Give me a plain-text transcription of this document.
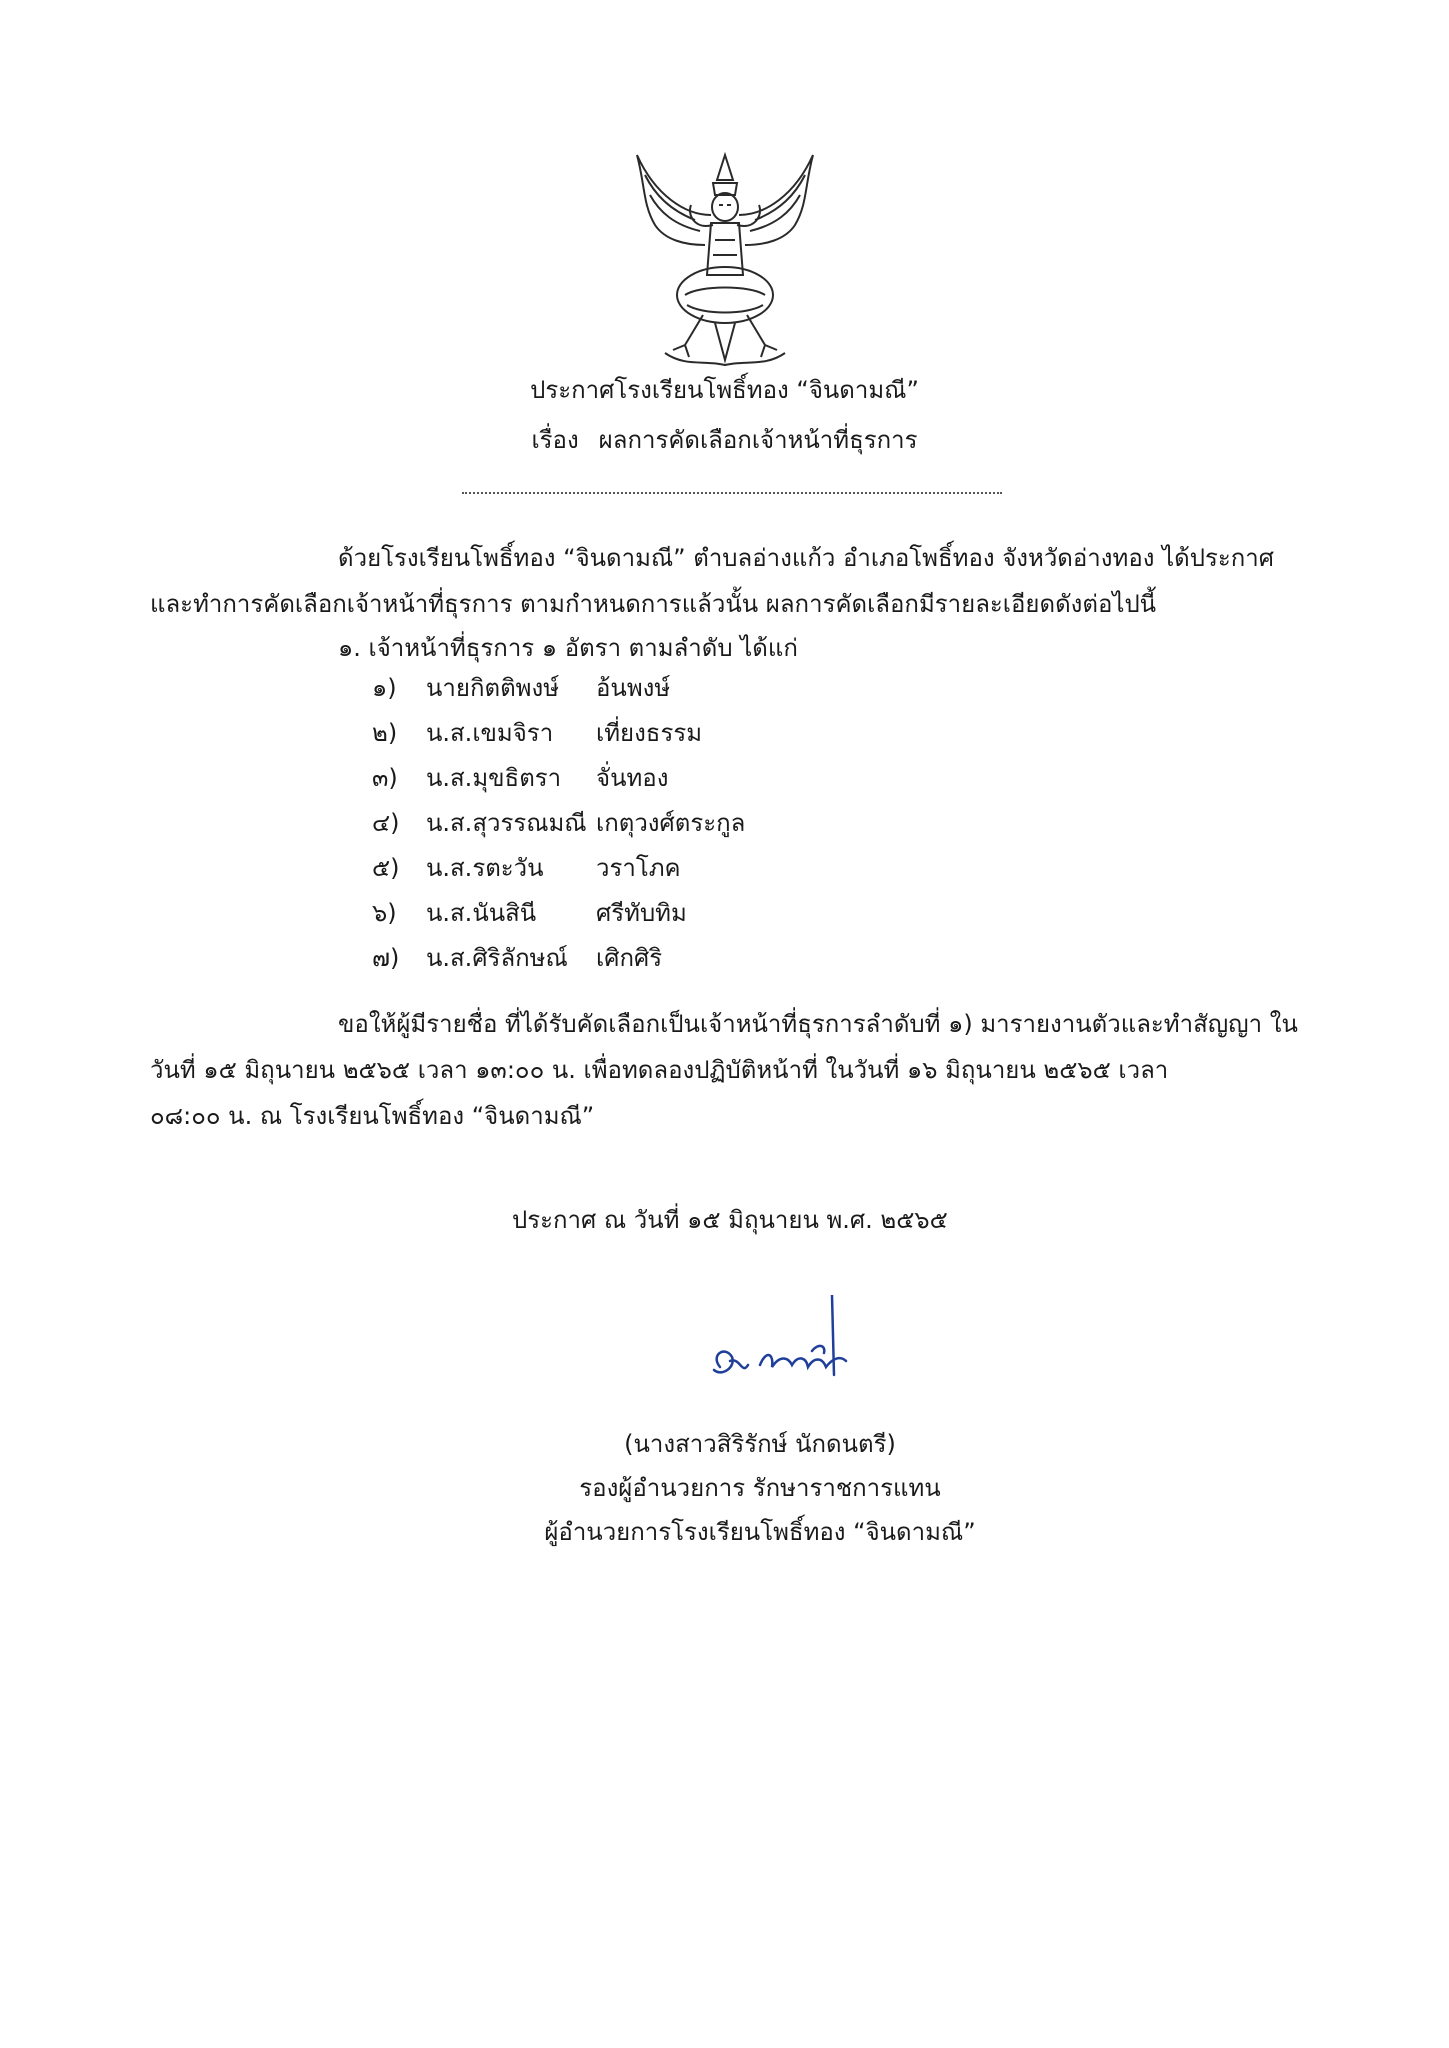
ประกาศโรงเรียนโพธิ์ทอง “จินดามณี”
เรื่อง ผลการคัดเลือกเจ้าหน้าที่ธุรการ
ด้วยโรงเรียนโพธิ์ทอง “จินดามณี” ตำบลอ่างแก้ว อำเภอโพธิ์ทอง จังหวัดอ่างทอง ได้ประกาศ
และทำการคัดเลือกเจ้าหน้าที่ธุรการ ตามกำหนดการแล้วนั้น ผลการคัดเลือกมีรายละเอียดดังต่อไปนี้
๑. เจ้าหน้าที่ธุรการ ๑ อัตรา ตามลำดับ ได้แก่
๑) นายกิตติพงษ์ อ้นพงษ์
๒) น.ส.เขมจิรา เที่ยงธรรม
๓) น.ส.มุขธิตรา จั่นทอง
๔) น.ส.สุวรรณมณี เกตุวงศ์ตระกูล
๕) น.ส.รตะวัน วราโภค
๖) น.ส.นันสินี ศรีทับทิม
๗) น.ส.ศิริลักษณ์ เศิกศิริ
ขอให้ผู้มีรายชื่อ ที่ได้รับคัดเลือกเป็นเจ้าหน้าที่ธุรการลำดับที่ ๑) มารายงานตัวและทำสัญญา ใน
วันที่ ๑๕ มิถุนายน ๒๕๖๕ เวลา ๑๓:๐๐ น. เพื่อทดลองปฏิบัติหน้าที่ ในวันที่ ๑๖ มิถุนายน ๒๕๖๕ เวลา
๐๘:๐๐ น. ณ โรงเรียนโพธิ์ทอง “จินดามณี”
ประกาศ ณ วันที่ ๑๕ มิถุนายน พ.ศ. ๒๕๖๕
(นางสาวสิริรักษ์ นักดนตรี)
รองผู้อำนวยการ รักษาราชการแทน
ผู้อำนวยการโรงเรียนโพธิ์ทอง “จินดามณี”
